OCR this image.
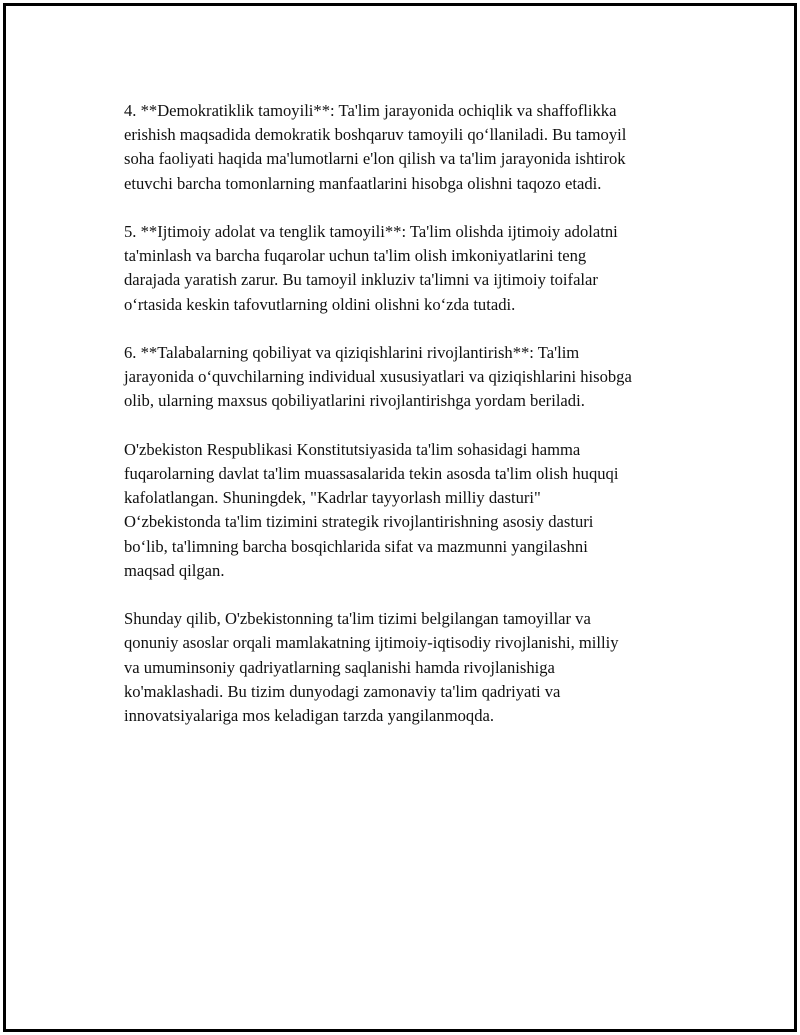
4. **Demokratiklik tamoyili**: Ta'lim jarayonida ochiqlik va shaffoflikka
erishish maqsadida demokratik boshqaruv tamoyili qo‘llaniladi. Bu tamoyil
soha faoliyati haqida ma'lumotlarni e'lon qilish va ta'lim jarayonida ishtirok
etuvchi barcha tomonlarning manfaatlarini hisobga olishni taqozo etadi.

5. **Ijtimoiy adolat va tenglik tamoyili**: Ta'lim olishda ijtimoiy adolatni
ta'minlash va barcha fuqarolar uchun ta'lim olish imkoniyatlarini teng
darajada yaratish zarur. Bu tamoyil inkluziv ta'limni va ijtimoiy toifalar
o‘rtasida keskin tafovutlarning oldini olishni ko‘zda tutadi.

6. **Talabalarning qobiliyat va qiziqishlarini rivojlantirish**: Ta'lim
jarayonida o‘quvchilarning individual xususiyatlari va qiziqishlarini hisobga
olib, ularning maxsus qobiliyatlarini rivojlantirishga yordam beriladi.

O'zbekiston Respublikasi Konstitutsiyasida ta'lim sohasidagi hamma
fuqarolarning davlat ta'lim muassasalarida tekin asosda ta'lim olish huquqi
kafolatlangan. Shuningdek, "Kadrlar tayyorlash milliy dasturi"
O‘zbekistonda ta'lim tizimini strategik rivojlantirishning asosiy dasturi
bo‘lib, ta'limning barcha bosqichlarida sifat va mazmunni yangilashni
maqsad qilgan.

Shunday qilib, O'zbekistonning ta'lim tizimi belgilangan tamoyillar va
qonuniy asoslar orqali mamlakatning ijtimoiy-iqtisodiy rivojlanishi, milliy
va umuminsoniy qadriyatlarning saqlanishi hamda rivojlanishiga
ko'maklashadi. Bu tizim dunyodagi zamonaviy ta'lim qadriyati va
innovatsiyalariga mos keladigan tarzda yangilanmoqda.
